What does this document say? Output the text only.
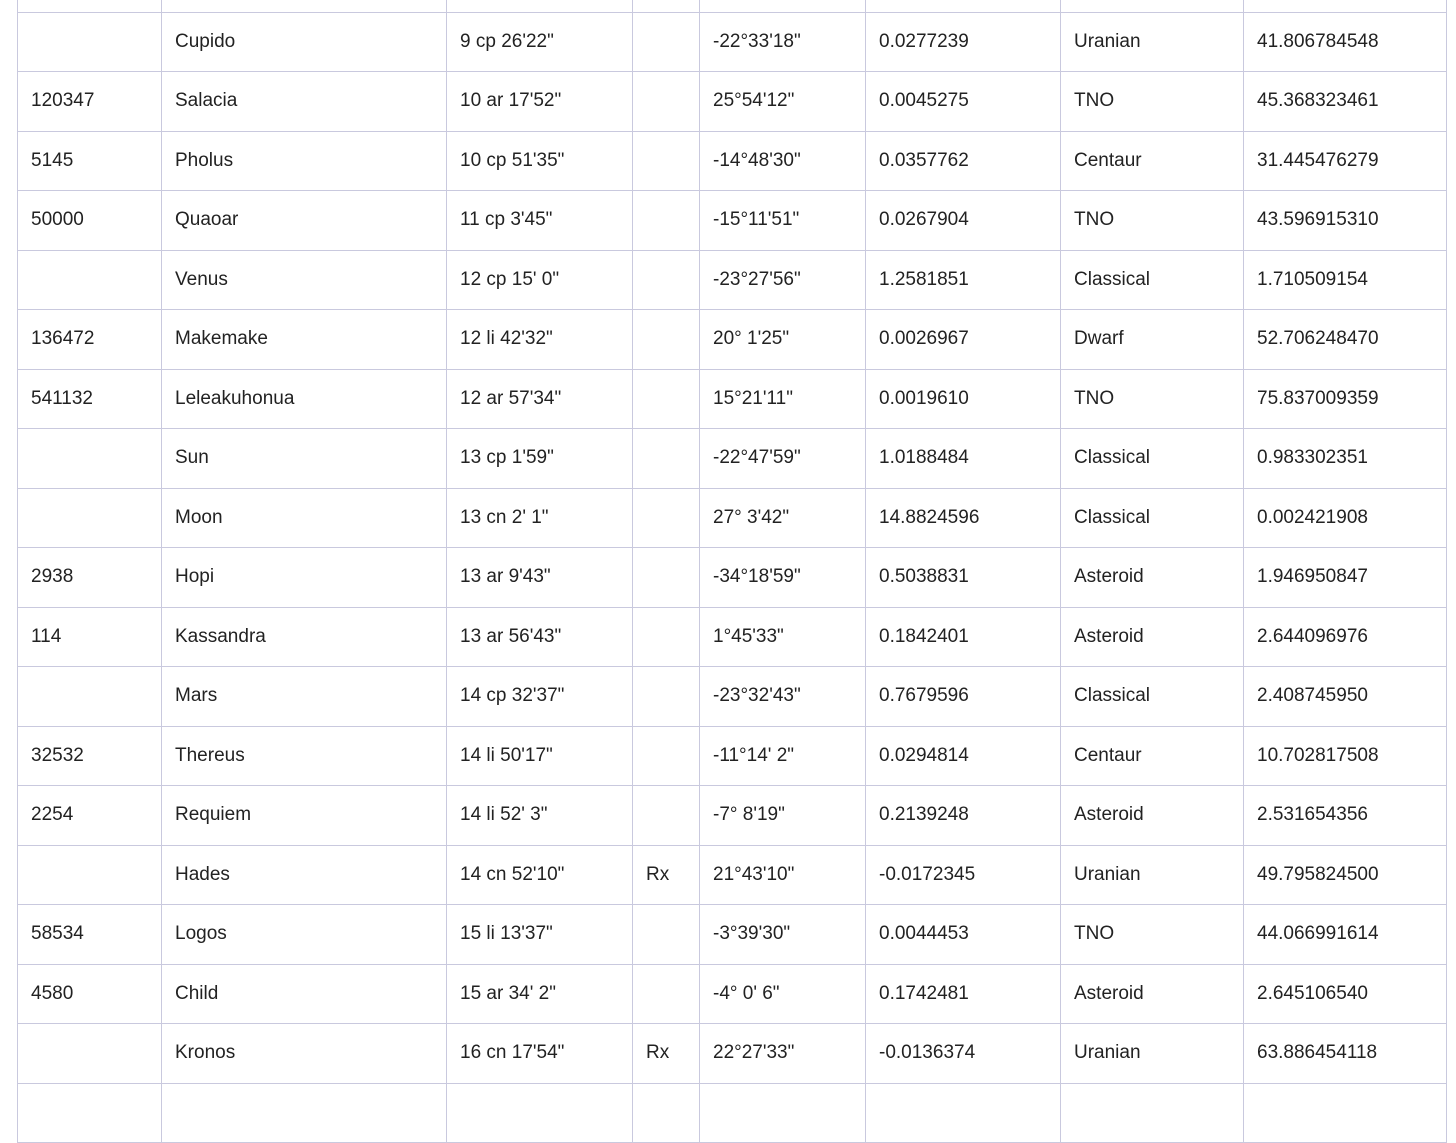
	Cupido	9 cp 26'22"		-22°33'18"	0.0277239	Uranian	41.806784548
120347	Salacia	10 ar 17'52"		25°54'12"	0.0045275	TNO	45.368323461
5145	Pholus	10 cp 51'35"		-14°48'30"	0.0357762	Centaur	31.445476279
50000	Quaoar	11 cp 3'45"		-15°11'51"	0.0267904	TNO	43.596915310
	Venus	12 cp 15' 0"		-23°27'56"	1.2581851	Classical	1.710509154
136472	Makemake	12 li 42'32"		20° 1'25"	0.0026967	Dwarf	52.706248470
541132	Leleakuhonua	12 ar 57'34"		15°21'11"	0.0019610	TNO	75.837009359
	Sun	13 cp 1'59"		-22°47'59"	1.0188484	Classical	0.983302351
	Moon	13 cn 2' 1"		27° 3'42"	14.8824596	Classical	0.002421908
2938	Hopi	13 ar 9'43"		-34°18'59"	0.5038831	Asteroid	1.946950847
114	Kassandra	13 ar 56'43"		1°45'33"	0.1842401	Asteroid	2.644096976
	Mars	14 cp 32'37"		-23°32'43"	0.7679596	Classical	2.408745950
32532	Thereus	14 li 50'17"		-11°14' 2"	0.0294814	Centaur	10.702817508
2254	Requiem	14 li 52' 3"		-7° 8'19"	0.2139248	Asteroid	2.531654356
	Hades	14 cn 52'10"	Rx	21°43'10"	-0.0172345	Uranian	49.795824500
58534	Logos	15 li 13'37"		-3°39'30"	0.0044453	TNO	44.066991614
4580	Child	15 ar 34' 2"		-4° 0' 6"	0.1742481	Asteroid	2.645106540
	Kronos	16 cn 17'54"	Rx	22°27'33"	-0.0136374	Uranian	63.886454118
